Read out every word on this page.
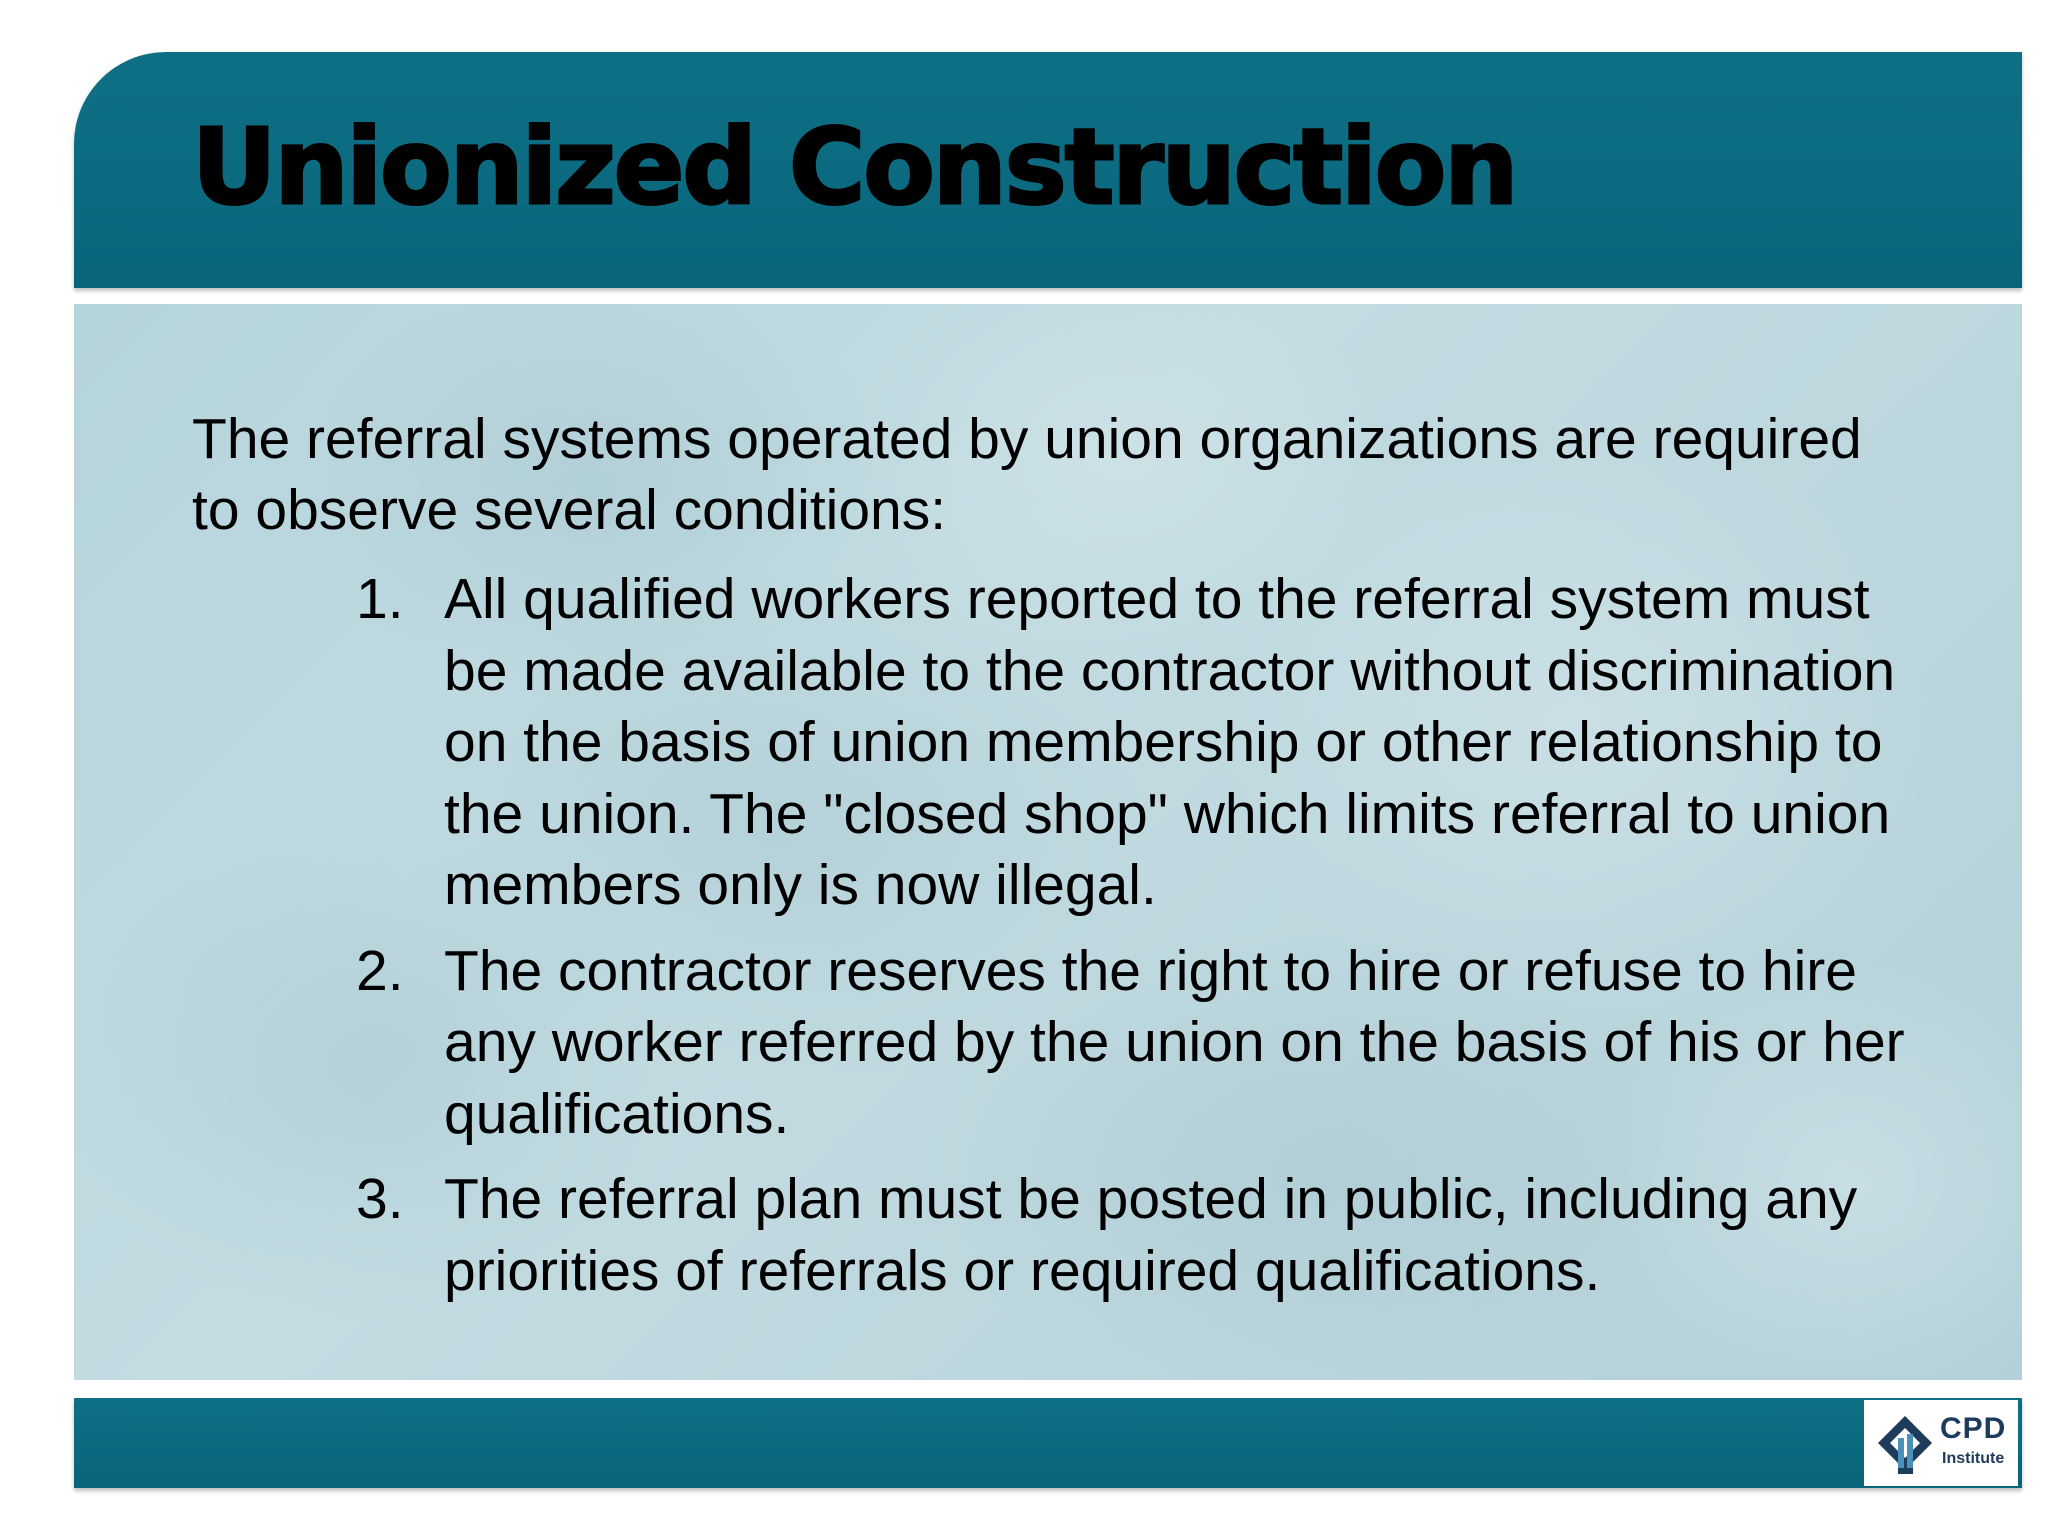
Unionized Construction

The referral systems operated by union organizations are required to observe several conditions:

1. All qualified workers reported to the referral system must be made available to the contractor without discrimination on the basis of union membership or other relationship to the union. The "closed shop" which limits referral to union members only is now illegal.
2. The contractor reserves the right to hire or refuse to hire any worker referred by the union on the basis of his or her qualifications.
3. The referral plan must be posted in public, including any priorities of referrals or required qualifications.
CPD
Institute
